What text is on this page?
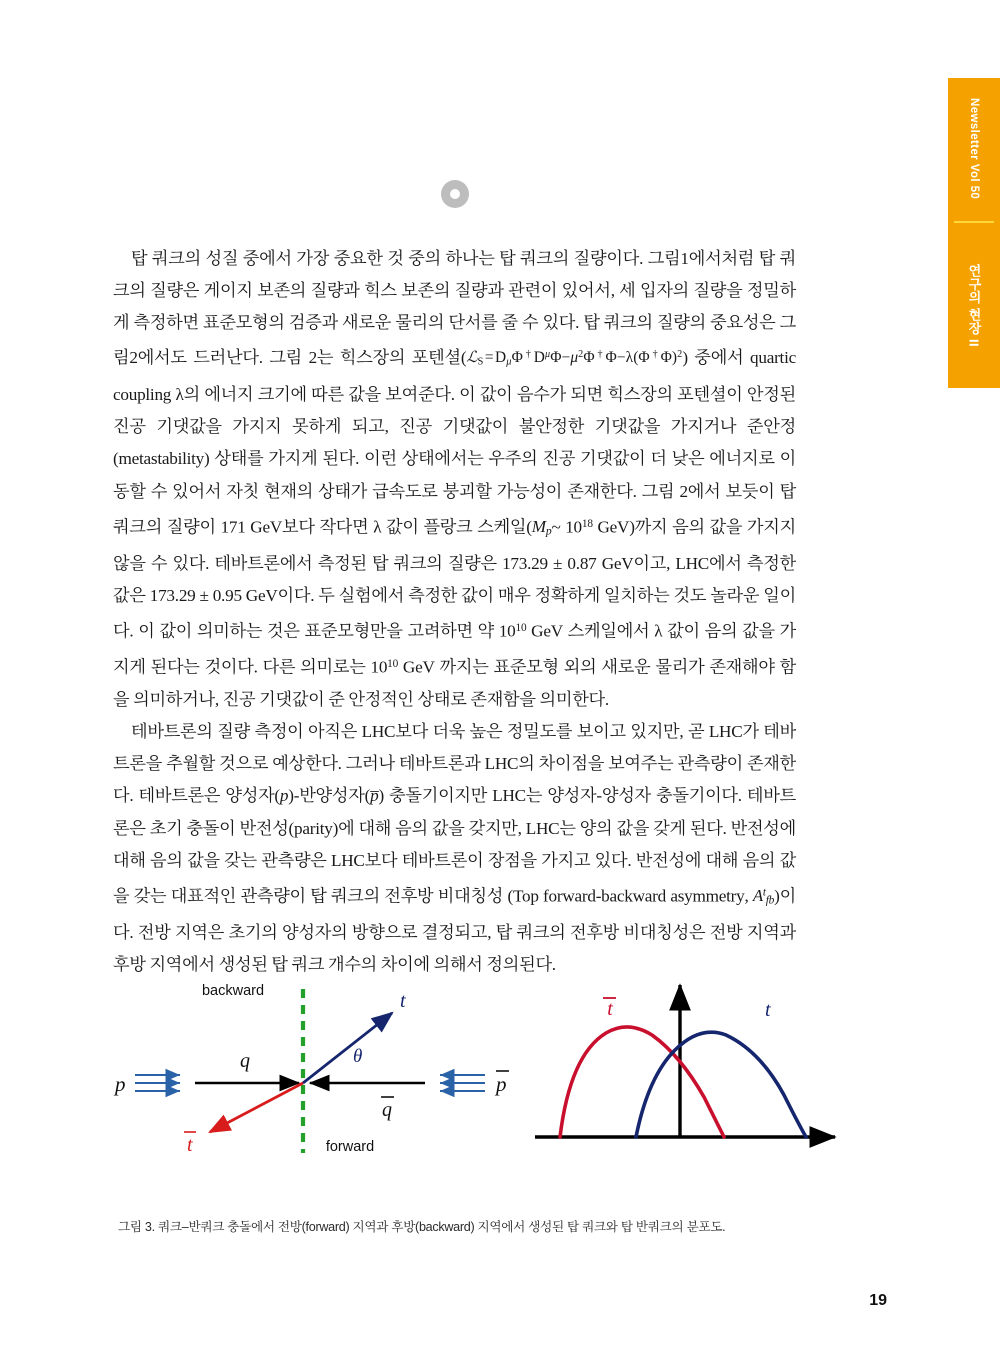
Newsletter Vol 50
연구의 현장 II

탑 쿼크의 성질 중에서 가장 중요한 것 중의 하나는 탑 쿼크의 질량이다. 그림1에서처럼 탑 쿼크의 질량은 게이지 보존의 질량과 힉스 보존의 질량과 관련이 있어서, 세 입자의 질량을 정밀하게 측정하면 표준모형의 검증과 새로운 물리의 단서를 줄 수 있다. 탑 쿼크의 질량의 중요성은 그림2에서도 드러난다. 그림 2는 힉스장의 포텐셜(ℒ$_S$ = $D_\mu\Phi^\dagger D^\mu\Phi-\mu^2\Phi^\dagger\Phi-\lambda(\Phi^\dagger\Phi)^2$) 중에서 quartic coupling λ의 에너지 크기에 따른 값을 보여준다. 이 값이 음수가 되면 힉스장의 포텐셜이 안정된 진공 기댓값을 가지지 못하게 되고, 진공 기댓값이 불안정한 기댓값을 가지거나 준안정(metastability) 상태를 가지게 된다. 이런 상태에서는 우주의 진공 기댓값이 더 낮은 에너지로 이동할 수 있어서 자칫 현재의 상태가 급속도로 붕괴할 가능성이 존재한다. 그림 2에서 보듯이 탑 쿼크의 질량이 171 GeV보다 작다면 λ 값이 플랑크 스케일($M_p\sim$ $10^{18}$ GeV)까지 음의 값을 가지지 않을 수 있다. 테바트론에서 측정된 탑 쿼크의 질량은 173.29 ± 0.87 GeV이고, LHC에서 측정한 값은 173.29 ± 0.95 GeV이다. 두 실험에서 측정한 값이 매우 정확하게 일치하는 것도 놀라운 일이다. 이 값이 의미하는 것은 표준모형만을 고려하면 약 $10^{10}$ GeV 스케일에서 λ 값이 음의 값을 가지게 된다는 것이다. 다른 의미로는 $10^{10}$ GeV 까지는 표준모형 외의 새로운 물리가 존재해야 함을 의미하거나, 진공 기댓값이 준 안정적인 상태로 존재함을 의미한다.

테바트론의 질량 측정이 아직은 LHC보다 더욱 높은 정밀도를 보이고 있지만, 곧 LHC가 테바트론을 추월할 것으로 예상한다. 그러나 테바트론과 LHC의 차이점을 보여주는 관측량이 존재한다. 테바트론은 양성자(p)-반양성자(p̅) 충돌기이지만 LHC는 양성자-양성자 충돌기이다. 테바트론은 초기 충돌이 반전성(parity)에 대해 음의 값을 갖지만, LHC는 양의 값을 갖게 된다. 반전성에 대해 음의 값을 갖는 관측량은 LHC보다 테바트론이 장점을 가지고 있다. 반전성에 대해 음의 값을 갖는 대표적인 관측량이 탑 쿼크의 전후방 비대칭성 (Top forward-backward asymmetry, $A^t_{fb}$)이다. 전방 지역은 초기의 양성자의 방향으로 결정되고, 탑 쿼크의 전후방 비대칭성은 전방 지역과 후방 지역에서 생성된 탑 쿼크 개수의 차이에 의해서 정의된다.

backward
forward
p	p
q
q
t
t
θ
t	t
그림 3. 쿼크–반쿼크 충돌에서 전방(forward) 지역과 후방(backward) 지역에서 생성된 탑 쿼크와 탑 반쿼크의 분포도.
19
